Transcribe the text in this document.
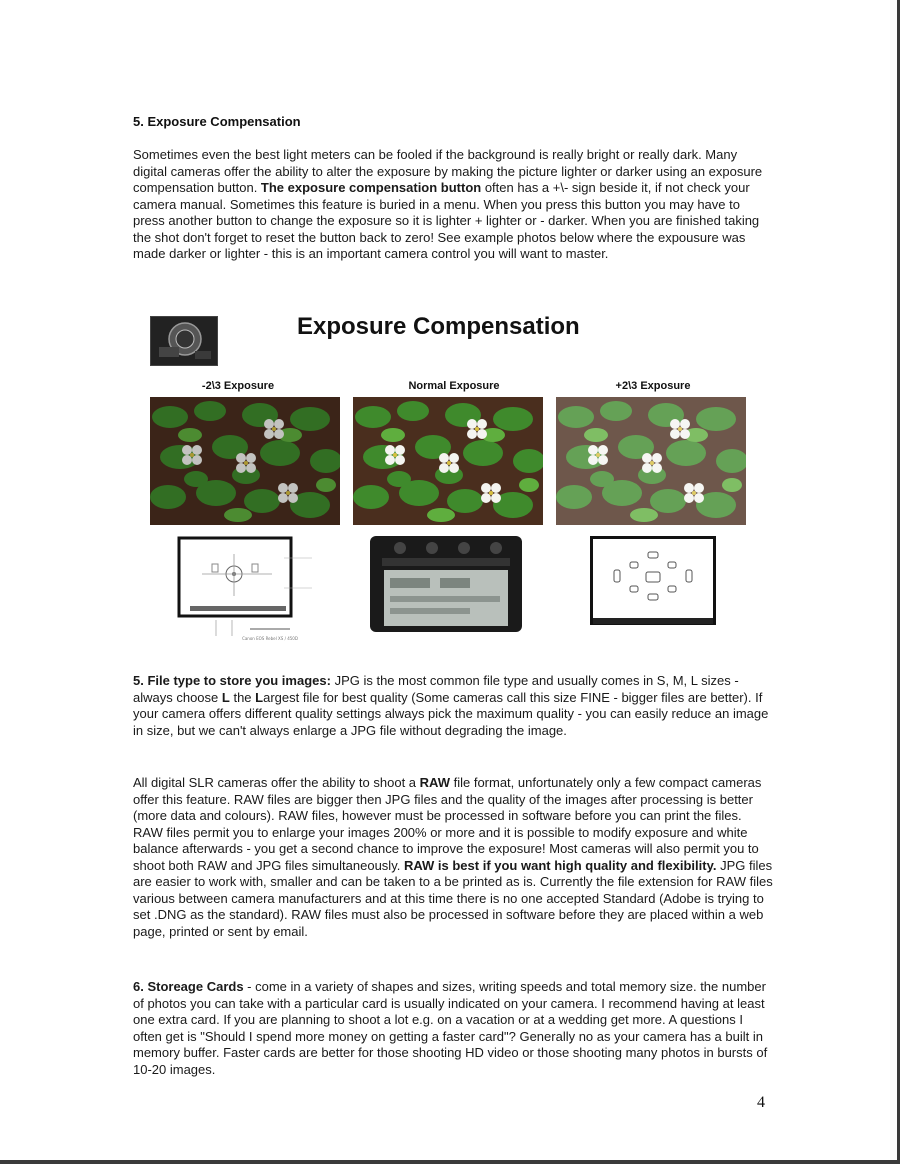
5. Exposure Compensation

Sometimes even the best light meters can be fooled if the background is really bright or really dark. Many digital cameras offer the ability to alter the exposure by making the picture lighter or darker using an exposure compensation button. The exposure compensation button often has a +\- sign beside it, if not check your camera manual. Sometimes this feature is buried in a menu. When you press this button you may have to press another button to change the exposure so it is lighter + lighter or - darker. When you are finished taking the shot don't forget to reset the button back to zero! See example photos below where the expousure was made darker or lighter - this is an important camera control you will want to master.

Exposure Compensation
-2\3 Exposure	Normal Exposure	+2\3 Exposure
Canon EOS Rebel XS / 450D

5. File type to store you images: JPG is the most common file type and usually comes in S, M, L sizes - always choose L the Largest file for best quality (Some cameras call this size FINE - bigger files are better). If your camera offers different quality settings always pick the maximum quality - you can easily reduce an image in size, but we can't always enlarge a JPG file without degrading the image.

All digital SLR cameras offer the ability to shoot a RAW file format, unfortunately only a few compact cameras offer this feature. RAW files are bigger then JPG files and the quality of the images after processing is better (more data and colours). RAW files, however must be processed in software before you can print the files. RAW files permit you to enlarge your images 200% or more and it is possible to modify exposure and white balance afterwards - you get a second chance to improve the exposure! Most cameras will also permit you to shoot both RAW and JPG files simultaneously. RAW is best if you want high quality and flexibility. JPG files are easier to work with, smaller and can be taken to a be printed as is. Currently the file extension for RAW files various between camera manufacturers and at this time there is no one accepted Standard (Adobe is trying to set .DNG as the standard). RAW files must also be processed in software before they are placed within a web page, printed or sent by email.

6. Storeage Cards - come in a variety of shapes and sizes, writing speeds and total memory size. the number of photos you can take with a particular card is usually indicated on your camera. I recommend having at least one extra card. If you are planning to shoot a lot e.g. on a vacation or at a wedding get more. A questions I often get is "Should I spend more money on getting a faster card"? Generally no as your camera has a built in memory buffer. Faster cards are better for those shooting HD video or those shooting many photos in bursts of 10-20 images.

4
